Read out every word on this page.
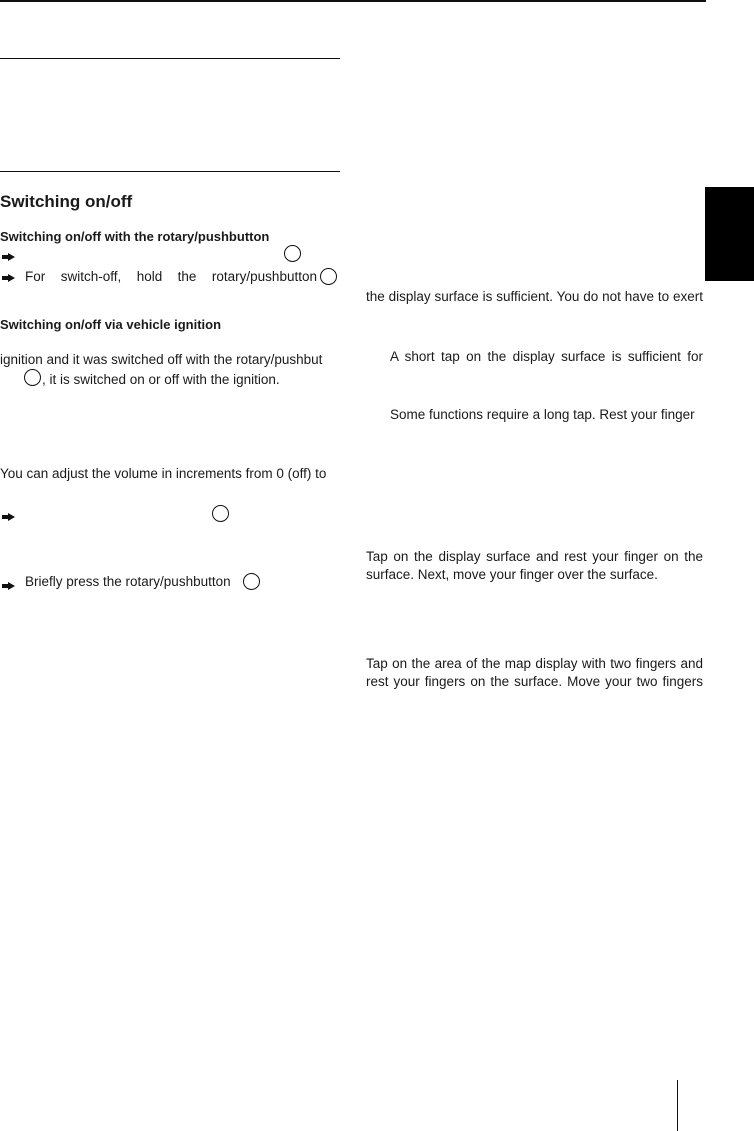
Switching on/off
Switching on/off with the rotary/pushbutton
For switch-off, hold the rotary/pushbutton
Switching on/off via vehicle ignition
ignition and it was switched off with the rotary/pushbut
, it is switched on or off with the ignition.
You can adjust the volume in increments from 0 (off) to
Briefly press the rotary/pushbutton
the display surface is sufficient. You do not have to exert
A short tap on the display surface is sufficient for
Some functions require a long tap. Rest your finger
Tap on the display surface and rest your finger on the
surface. Next, move your finger over the surface.
Tap on the area of the map display with two fingers and
rest your fingers on the surface. Move your two fingers
